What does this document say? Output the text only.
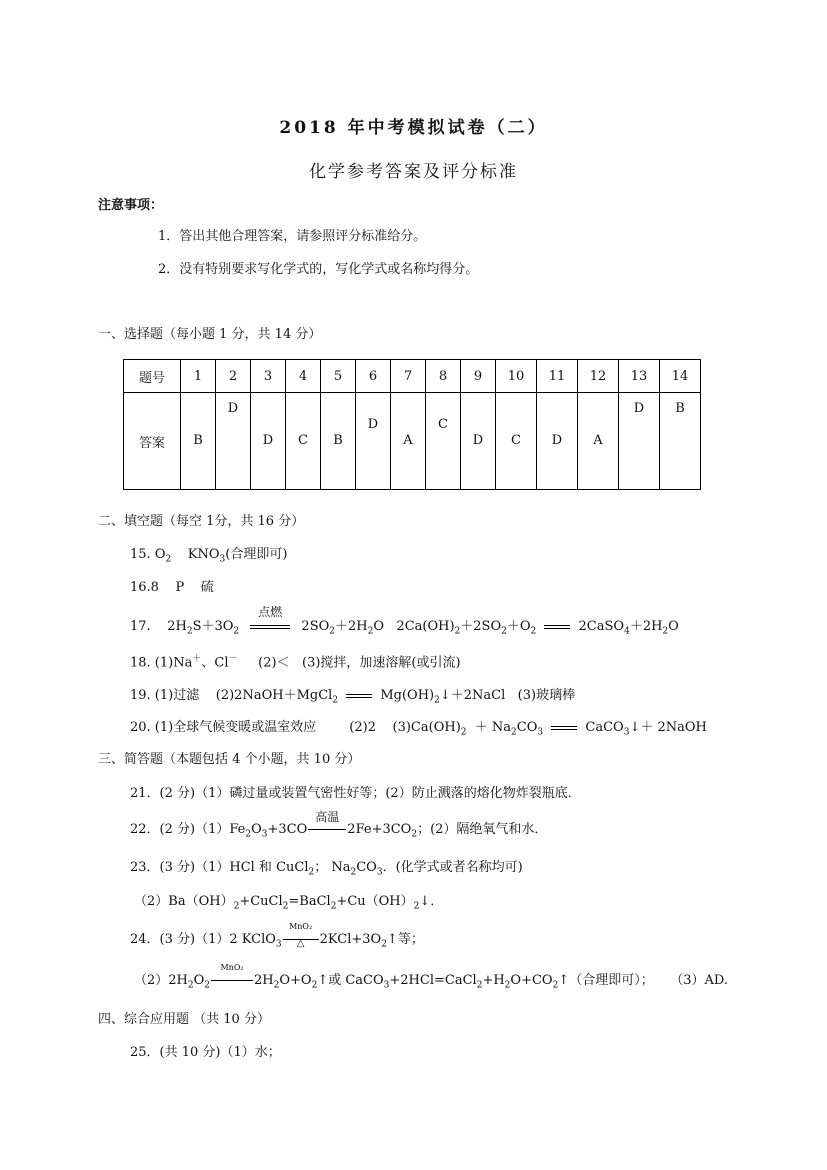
2018 年中考模拟试卷（二）
化学参考答案及评分标准
注意事项：
1．答出其他合理答案，请参照评分标准给分。
2．没有特别要求写化学式的，写化学式或名称均得分。
一、选择题（每小题 1 分，共 14 分）
题号	1	2	3	4	5	6	7	8	9	10	11	12	13	14
答案	B	D	D	C	B	D	A	C	D	C	D	A	D	B
二、填空题（每空 1分，共 16 分）
15. $O_2$ $KNO_3$(合理即可)
16.8    P    硫
17. $2H_2S+3O_2$
点燃
$2SO_2+2H_2O$ $2Ca(OH)_2+2SO_2+O_2$	$2CaSO_4+2H_2O$
18. (1)Na＋、Cl－ (2)＜ (3)搅拌，加速溶解(或引流)
19. (1)过滤 (2)2NaOH＋MgCl$_2$	$Mg(OH)_2↓+2NaCl$ (3)玻璃棒
20. (1)全球气候变暖或温室效应	(2)2 $(3)Ca(OH)_2 + Na_2CO_3$	CaCO$_3$↓＋ 2NaOH
三、简答题（本题包括 4 个小题，共 10 分）
21．(2 分)（1）磷过量或装置气密性好等；(2）防止溅落的熔化物炸裂瓶底．
22．(2 分)$(1)Fe_2O_3+3CO$
高温
$2Fe+3CO_2$；(2）隔绝氧气和水．
23．(3 分)（1）HCl 和 CuCl$_2$； $Na_2CO_3$．(化学式或者名称均可)
$(2)Ba(OH)_2+CuCl_2=BaCl_2+Cu(OH)_2↓$．
24．(3 分)（1）2 KClO$_3$
MnO₂
△	$2KCl+3O_2↑$等；
$(2)2H_2O_2$
MnO₂
$2H_2O+O_2↑$或 $CaCO_3+2HCl=CaCl_2+H_2O+CO_2↑$（合理即可）； （3）AD.
四、综合应用题 （共 10 分）
25．(共 10 分)（1）水；
